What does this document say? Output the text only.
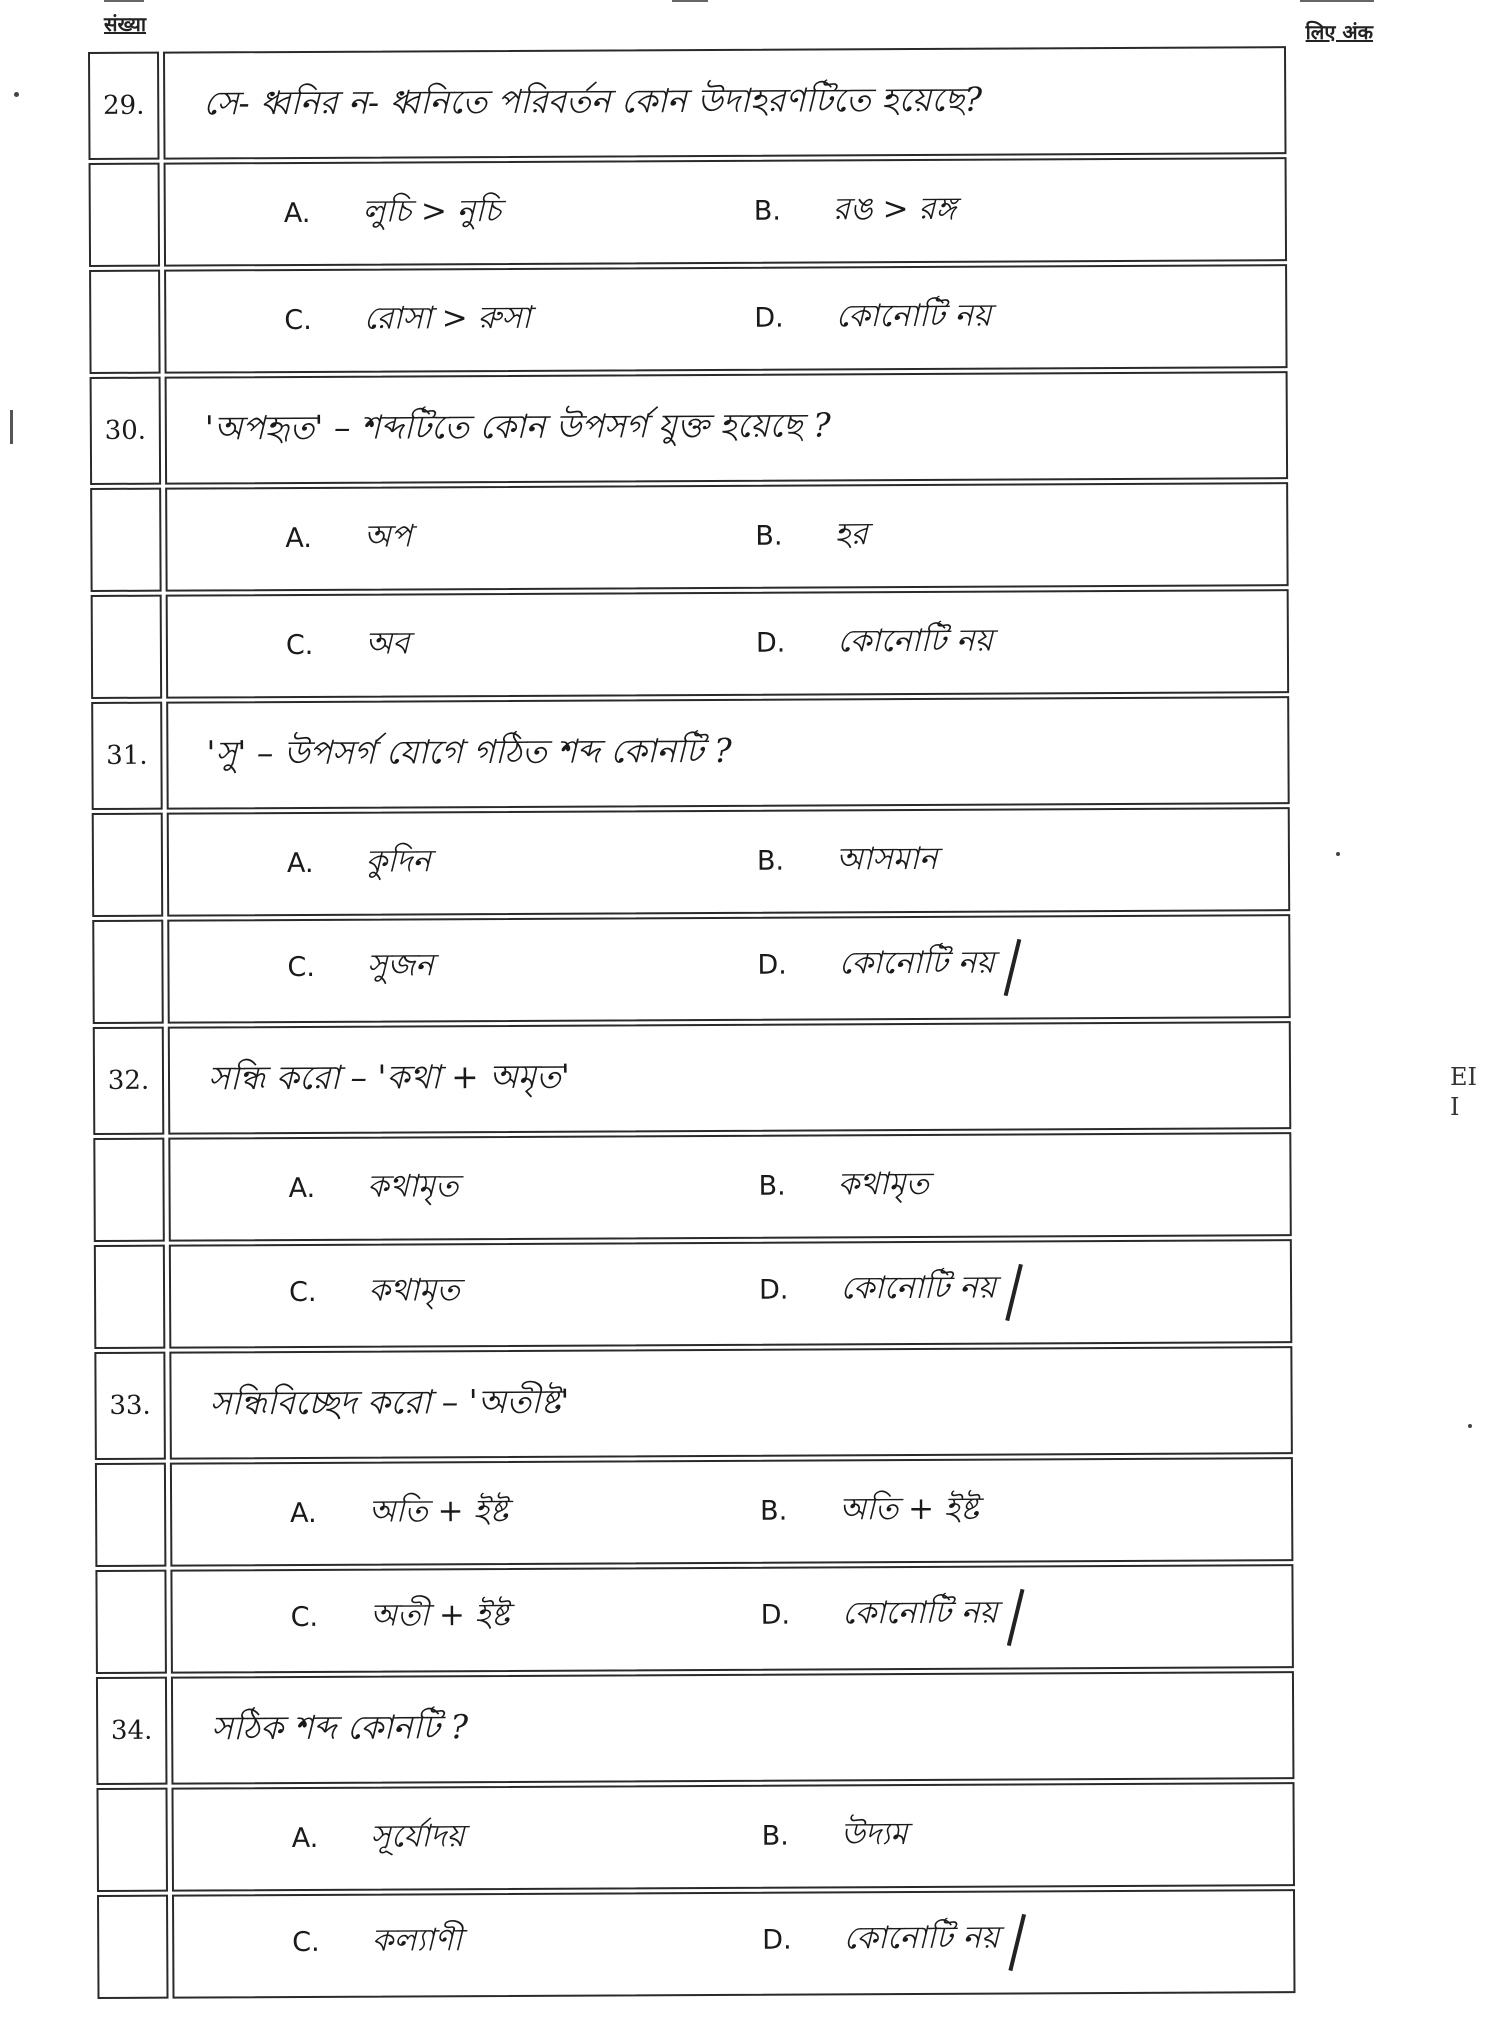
संख्या	लिए अंक
ЕI
I
29.	সে- ধ্বনির ন- ধ্বনিতে পরিবর্তন কোন উদাহরণটিতে হয়েছে?
A. লুচি > নুচি	B. রঙ > রঙ্গ
C. রোসা > রুসা	D. কোনোটি নয়
30.	'অপহৃত' – শব্দটিতে কোন উপসর্গ যুক্ত হয়েছে ?
A. অপ	B. হর
C. অব	D. কোনোটি নয়
31.	'সু' – উপসর্গ যোগে গঠিত শব্দ কোনটি ?
A. কুদিন	B. আসমান
C. সুজন	D. কোনোটি নয়
32.	সন্ধি করো – 'কথা + অমৃত'
A. কথামৃত	B. কথামৃত
C. কথামৃত	D. কোনোটি নয়
33.	সন্ধিবিচ্ছেদ করো – 'অতীষ্ট'
A. অতি + ইষ্ট	B. অতি + ইষ্ট
C. অতী + ইষ্ট	D. কোনোটি নয়
34.	সঠিক শব্দ কোনটি ?
A. সূর্যোদয়	B. উদ্যম
C. কল্যাণী	D. কোনোটি নয়
